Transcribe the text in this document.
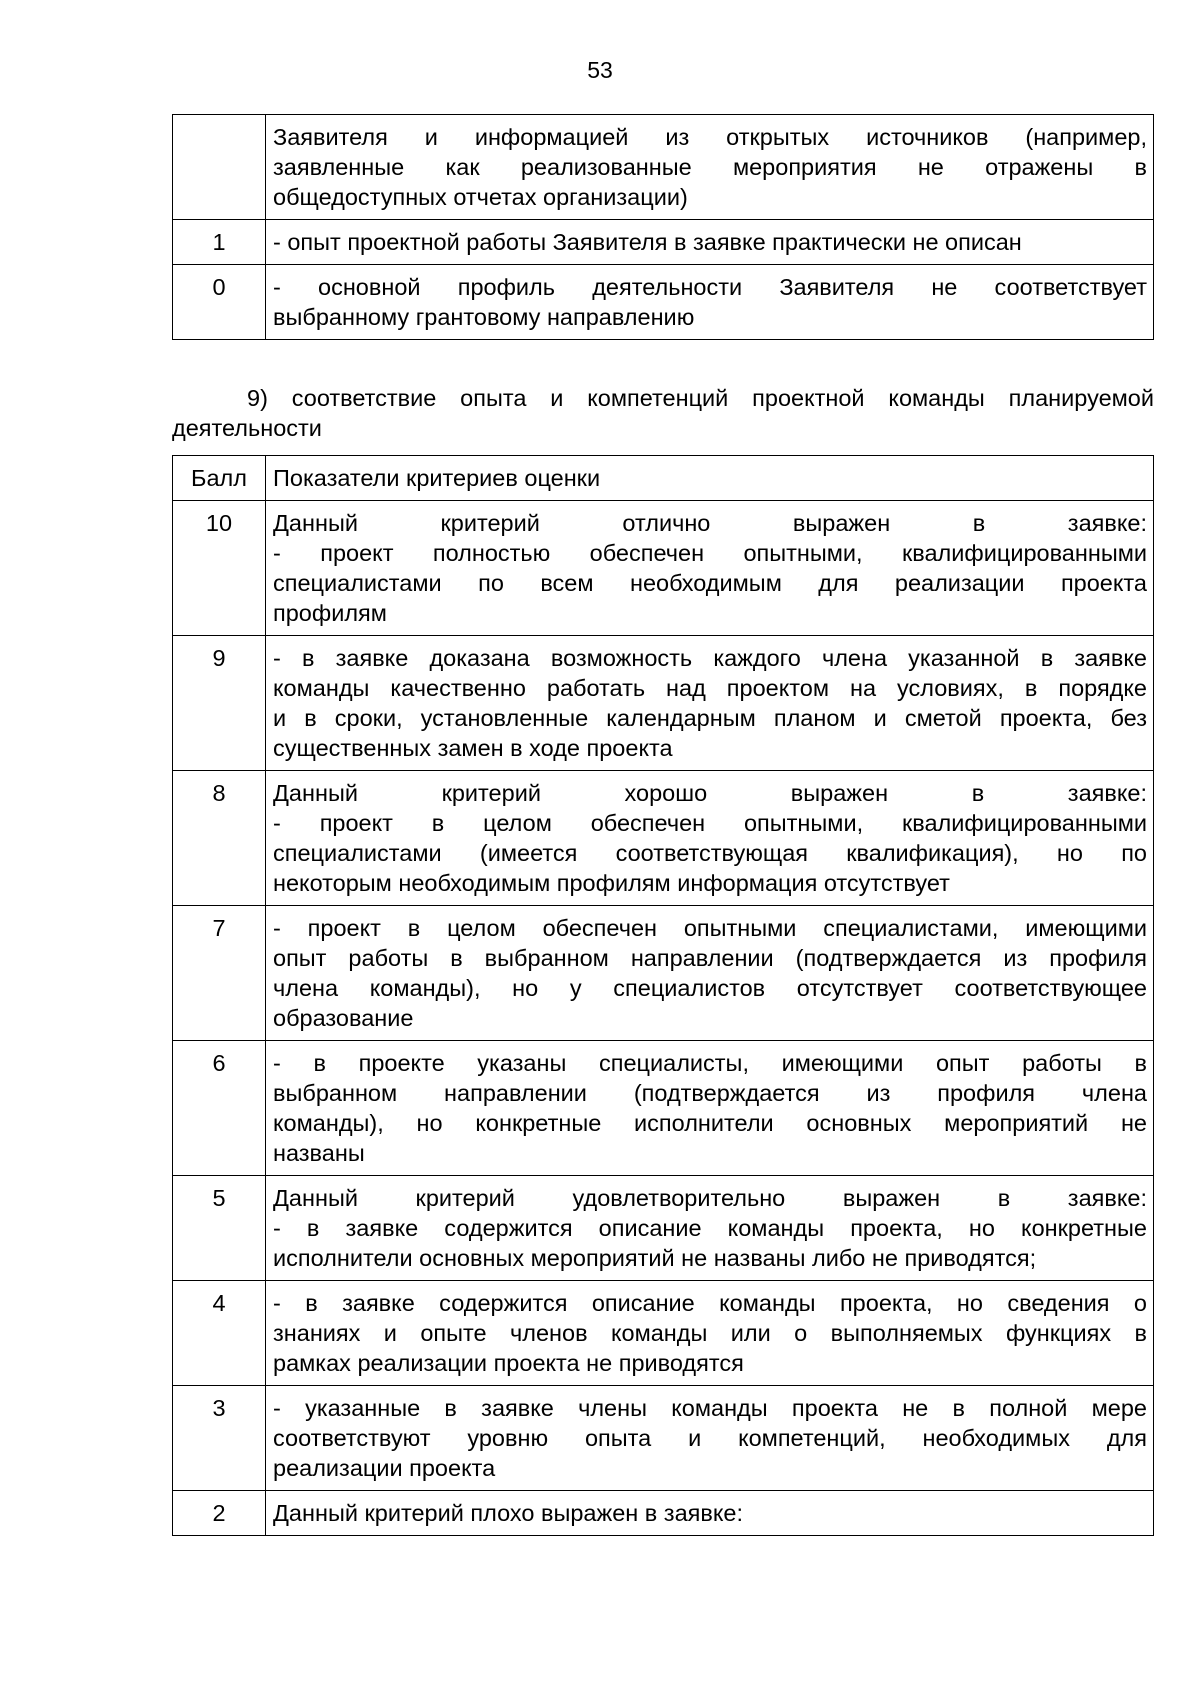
53

	Заявителя и информацией из открытых источников (например,
заявленные как реализованные мероприятия не отражены в
общедоступных отчетах организации)

1	- опыт проектной работы Заявителя в заявке практически не описан

0	- основной профиль деятельности Заявителя не соответствует
выбранному грантовому направлению
9) соответствие опыта и компетенций проектной команды планируемой
деятельности
Балл	Показатели критериев оценки
10	Данный критерий отлично выражен в заявке:
- проект полностью обеспечен опытными, квалифицированными
специалистами по всем необходимым для реализации проекта
профилям

9	- в заявке доказана возможность каждого члена указанной в заявке
команды качественно работать над проектом на условиях, в порядке
и в сроки, установленные календарным планом и сметой проекта, без
существенных замен в ходе проекта

8	Данный критерий хорошо выражен в заявке:
- проект в целом обеспечен опытными, квалифицированными
специалистами (имеется соответствующая квалификация), но по
некоторым необходимым профилям информация отсутствует

7	- проект в целом обеспечен опытными специалистами, имеющими
опыт работы в выбранном направлении (подтверждается из профиля
члена команды), но у специалистов отсутствует соответствующее
образование

6	- в проекте указаны специалисты, имеющими опыт работы в
выбранном направлении (подтверждается из профиля члена
команды), но конкретные исполнители основных мероприятий не
названы

5	Данный критерий удовлетворительно выражен в заявке:
- в заявке содержится описание команды проекта, но конкретные
исполнители основных мероприятий не названы либо не приводятся;

4	- в заявке содержится описание команды проекта, но сведения о
знаниях и опыте членов команды или о выполняемых функциях в
рамках реализации проекта не приводятся

3	- указанные в заявке члены команды проекта не в полной мере
соответствуют уровню опыта и компетенций, необходимых для
реализации проекта

2	Данный критерий плохо выражен в заявке:
